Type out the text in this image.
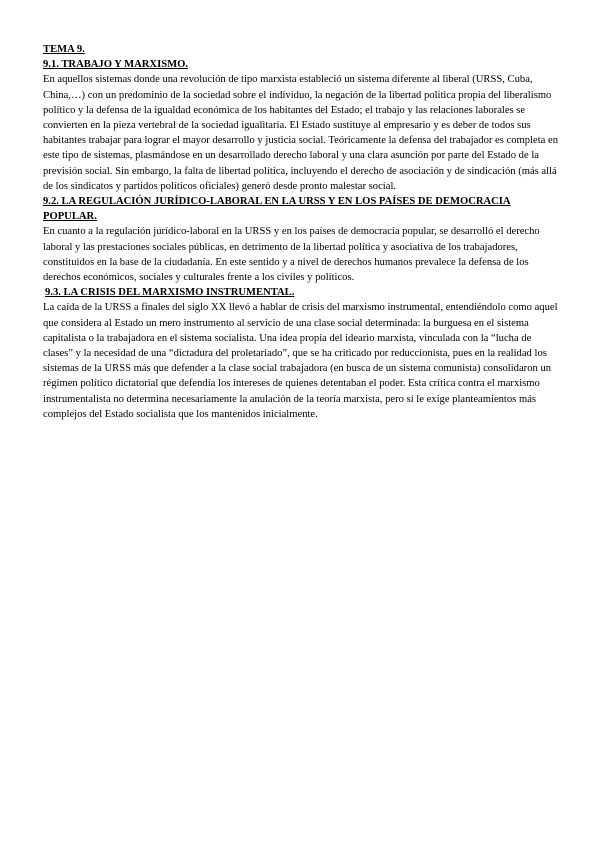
TEMA 9.
9.1. TRABAJO Y MARXISMO.
En aquellos sistemas donde una revolución de tipo marxista estableció un sistema diferente al liberal (URSS, Cuba, China,…) con un predominio de la sociedad sobre el individuo, la negación de la libertad política propia del liberalismo político y la defensa de la igualdad económica de los habitantes del Estado; el trabajo y las relaciones laborales se convierten en la pieza vertebral de la sociedad igualitaria. El Estado sustituye al empresario y es deber de todos sus habitantes trabajar para lograr el mayor desarrollo y justicia social. Teóricamente la defensa del trabajador es completa en este tipo de sistemas, plasmándose en un desarrollado derecho laboral y una clara asunción por parte del Estado de la previsión social. Sin embargo, la falta de libertad política, incluyendo el derecho de asociación y de sindicación (más allá de los sindicatos y partidos políticos oficiales) generó desde pronto malestar social.
9.2. LA REGULACIÓN JURÍDICO-LABORAL EN LA URSS Y EN LOS PAÍSES DE DEMOCRACIA POPULAR.
En cuanto a la regulación jurídico-laboral en la URSS y en los países de democracia popular, se desarrolló el derecho laboral y las prestaciones sociales públicas, en detrimento de la libertad política y asociativa de los trabajadores, constituidos en la base de la ciudadanía. En este sentido y a nivel de derechos humanos prevalece la defensa de los derechos económicos, sociales y culturales frente a los civiles y políticos.
9.3. LA CRISIS DEL MARXISMO INSTRUMENTAL.
La caída de la URSS a finales del siglo XX llevó a hablar de crisis del marxismo instrumental, entendiéndolo como aquel que considera al Estado un mero instrumento al servicio de una clase social determinada: la burguesa en el sistema capitalista o la trabajadora en el sistema socialista. Una idea propia del ideario marxista, vinculada con la “lucha de clases” y la necesidad de una “dictadura del proletariado”, que se ha criticado por reduccionista, pues en la realidad los sistemas de la URSS más que defender a la clase social trabajadora (en busca de un sistema comunista) consolidaron un régimen político dictatorial que defendía los intereses de quienes detentaban el poder. Esta crítica contra el marxismo instrumentalista no determina necesariamente la anulación de la teoría marxista, pero sí le exige planteamientos más complejos del Estado socialista que los mantenidos inicialmente.
